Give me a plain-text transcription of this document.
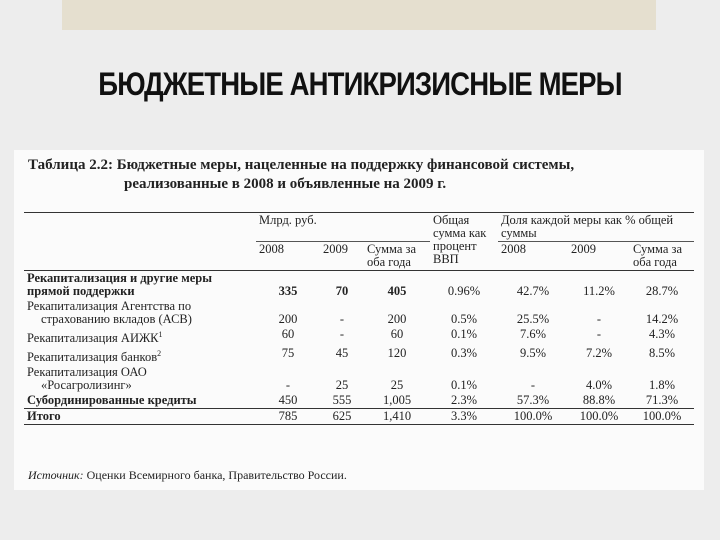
БЮДЖЕТНЫЕ АНТИКРИЗИСНЫЕ МЕРЫ
Таблица 2.2: Бюджетные меры, нацеленные на поддержку финансовой системы,
реализованные в 2008 и объявленные на 2009 г.
	Млрд. руб.			Общая сумма как процент ВВП	Доля каждой меры как % общей суммы		
	2008	2009	Сумма за оба года		2008	2009	Сумма за оба года
Рекапитализация и другие меры прямой поддержки	335	70	405	0.96%	42.7%	11.2%	28.7%
Рекапитализация Агентства по
страхованию вкладов (АСВ)	200	-	200	0.5%	25.5%	-	14.2%
Рекапитализация АИЖК$^1$	60	-	60	0.1%	7.6%	-	4.3%
Рекапитализация банков$^2$	75	45	120	0.3%	9.5%	7.2%	8.5%
Рекапитализация ОАО
«Росагролизинг»	-	25	25	0.1%	-	4.0%	1.8%
Субординированные кредиты	450	555	1,005	2.3%	57.3%	88.8%	71.3%
Итого	785	625	1,410	3.3%	100.0%	100.0%	100.0%
Источник: Оценки Всемирного банка, Правительство России.
